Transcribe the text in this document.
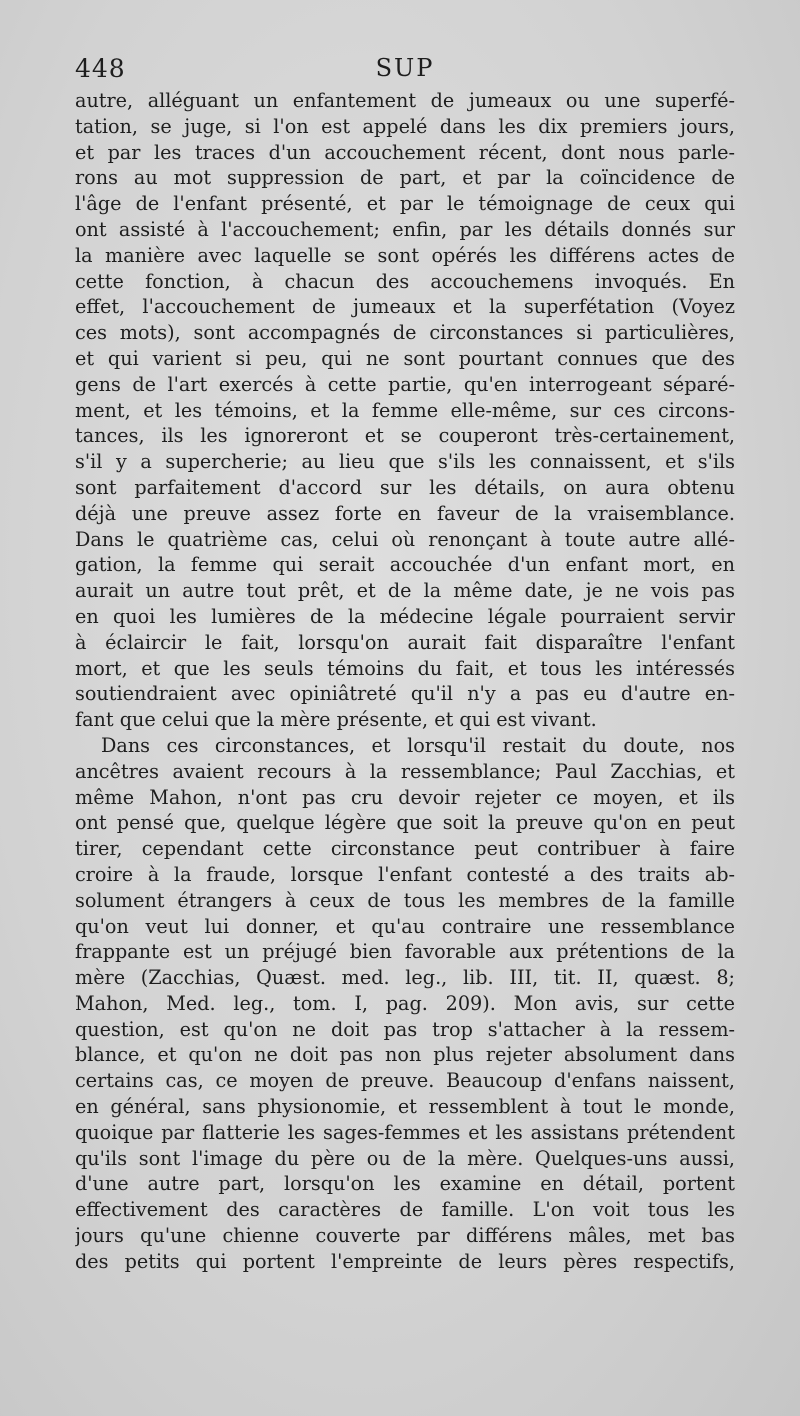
448	SUP
autre, alléguant un enfantement de jumeaux ou une superfé-
tation, se juge, si l'on est appelé dans les dix premiers jours,
et par les traces d'un accouchement récent, dont nous parle-
rons au mot suppression de part, et par la coïncidence de
l'âge de l'enfant présenté, et par le témoignage de ceux qui
ont assisté à l'accouchement; enfin, par les détails donnés sur
la manière avec laquelle se sont opérés les différens actes de
cette fonction, à chacun des accouchemens invoqués. En
effet, l'accouchement de jumeaux et la superfétation (Voyez
ces mots), sont accompagnés de circonstances si particulières,
et qui varient si peu, qui ne sont pourtant connues que des
gens de l'art exercés à cette partie, qu'en interrogeant séparé-
ment, et les témoins, et la femme elle-même, sur ces circons-
tances, ils les ignoreront et se couperont très-certainement,
s'il y a supercherie; au lieu que s'ils les connaissent, et s'ils
sont parfaitement d'accord sur les détails, on aura obtenu
déjà une preuve assez forte en faveur de la vraisemblance.
Dans le quatrième cas, celui où renonçant à toute autre allé-
gation, la femme qui serait accouchée d'un enfant mort, en
aurait un autre tout prêt, et de la même date, je ne vois pas
en quoi les lumières de la médecine légale pourraient servir
à éclaircir le fait, lorsqu'on aurait fait disparaître l'enfant
mort, et que les seuls témoins du fait, et tous les intéressés
soutiendraient avec opiniâtreté qu'il n'y a pas eu d'autre en-
fant que celui que la mère présente, et qui est vivant.
Dans ces circonstances, et lorsqu'il restait du doute, nos
ancêtres avaient recours à la ressemblance; Paul Zacchias, et
même Mahon, n'ont pas cru devoir rejeter ce moyen, et ils
ont pensé que, quelque légère que soit la preuve qu'on en peut
tirer, cependant cette circonstance peut contribuer à faire
croire à la fraude, lorsque l'enfant contesté a des traits ab-
solument étrangers à ceux de tous les membres de la famille
qu'on veut lui donner, et qu'au contraire une ressemblance
frappante est un préjugé bien favorable aux prétentions de la
mère (Zacchias, Quæst. med. leg., lib. III, tit. II, quæst. 8;
Mahon, Med. leg., tom. I, pag. 209). Mon avis, sur cette
question, est qu'on ne doit pas trop s'attacher à la ressem-
blance, et qu'on ne doit pas non plus rejeter absolument dans
certains cas, ce moyen de preuve. Beaucoup d'enfans naissent,
en général, sans physionomie, et ressemblent à tout le monde,
quoique par flatterie les sages-femmes et les assistans prétendent
qu'ils sont l'image du père ou de la mère. Quelques-uns aussi,
d'une autre part, lorsqu'on les examine en détail, portent
effectivement des caractères de famille. L'on voit tous les
jours qu'une chienne couverte par différens mâles, met bas
des petits qui portent l'empreinte de leurs pères respectifs,
